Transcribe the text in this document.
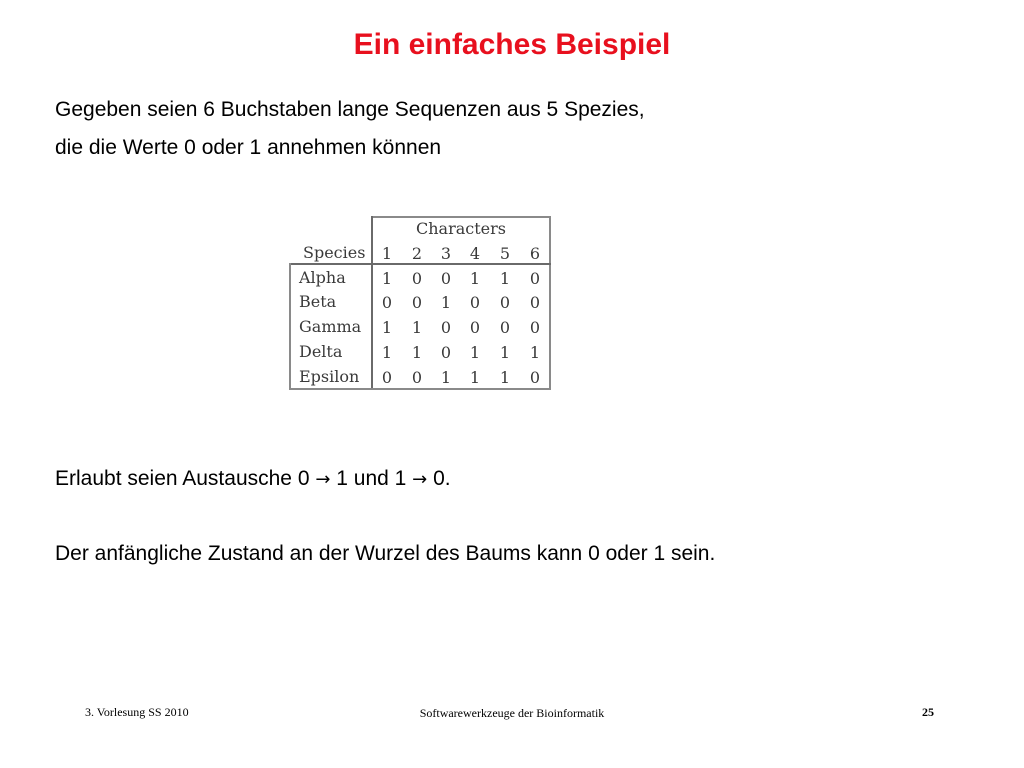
Ein einfaches Beispiel
Gegeben seien 6 Buchstaben lange Sequenzen aus 5 Spezies,
die die Werte 0 oder 1 annehmen können
Characters
Species	1	2	3	4	5	6
Alpha	1	0	0	1	1	0
Beta	0	0	1	0	0	0
Gamma	1	1	0	0	0	0
Delta	1	1	0	1	1	1
Epsilon	0	0	1	1	1	0
Erlaubt seien Austausche 0 → 1 und 1 → 0.
Der anfängliche Zustand an der Wurzel des Baums kann 0 oder 1 sein.
3. Vorlesung SS 2010	Softwarewerkzeuge der Bioinformatik	25
